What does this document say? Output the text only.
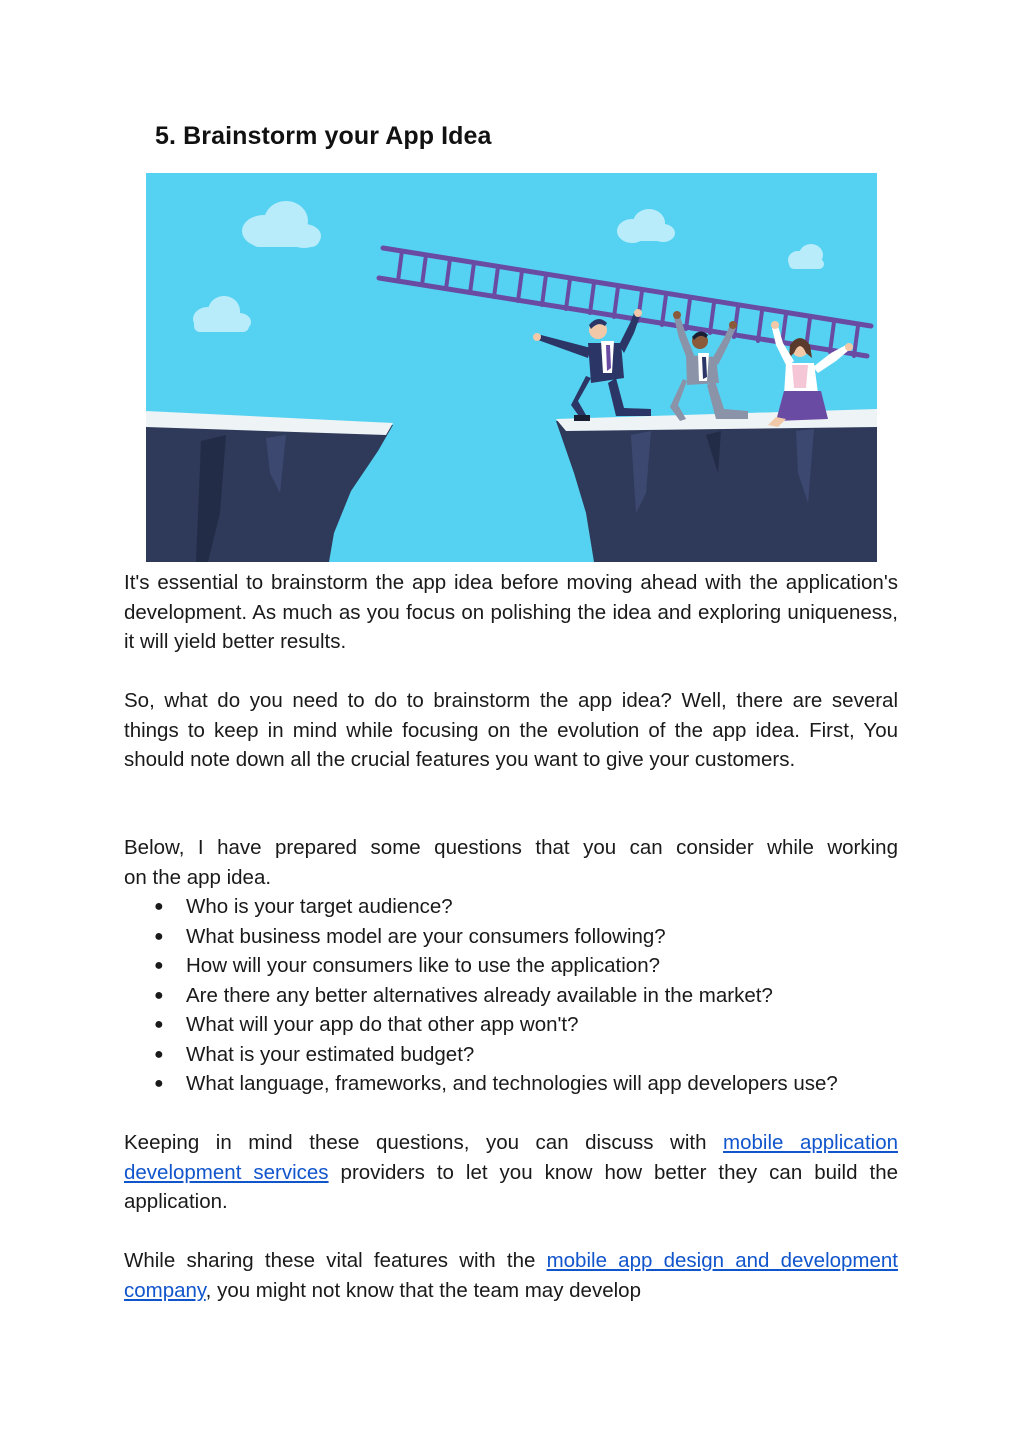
5. Brainstorm your App Idea

It's essential to brainstorm the app idea before moving ahead with the application's development. As much as you focus on polishing the idea and exploring uniqueness, it will yield better results.

So, what do you need to do to brainstorm the app idea? Well, there are several things to keep in mind while focusing on the evolution of the app idea. First, You should note down all the crucial features you want to give your customers.

Below, I have prepared some questions that you can consider while working
on the app idea.
● Who is your target audience?
● What business model are your consumers following?
● How will your consumers like to use the application?
● Are there any better alternatives already available in the market?
● What will your app do that other app won't?
● What is your estimated budget?
● What language, frameworks, and technologies will app developers use?

Keeping in mind these questions, you can discuss with mobile application development services providers to let you know how better they can build the application.

While sharing these vital features with the mobile app design and development company, you might not know that the team may develop
